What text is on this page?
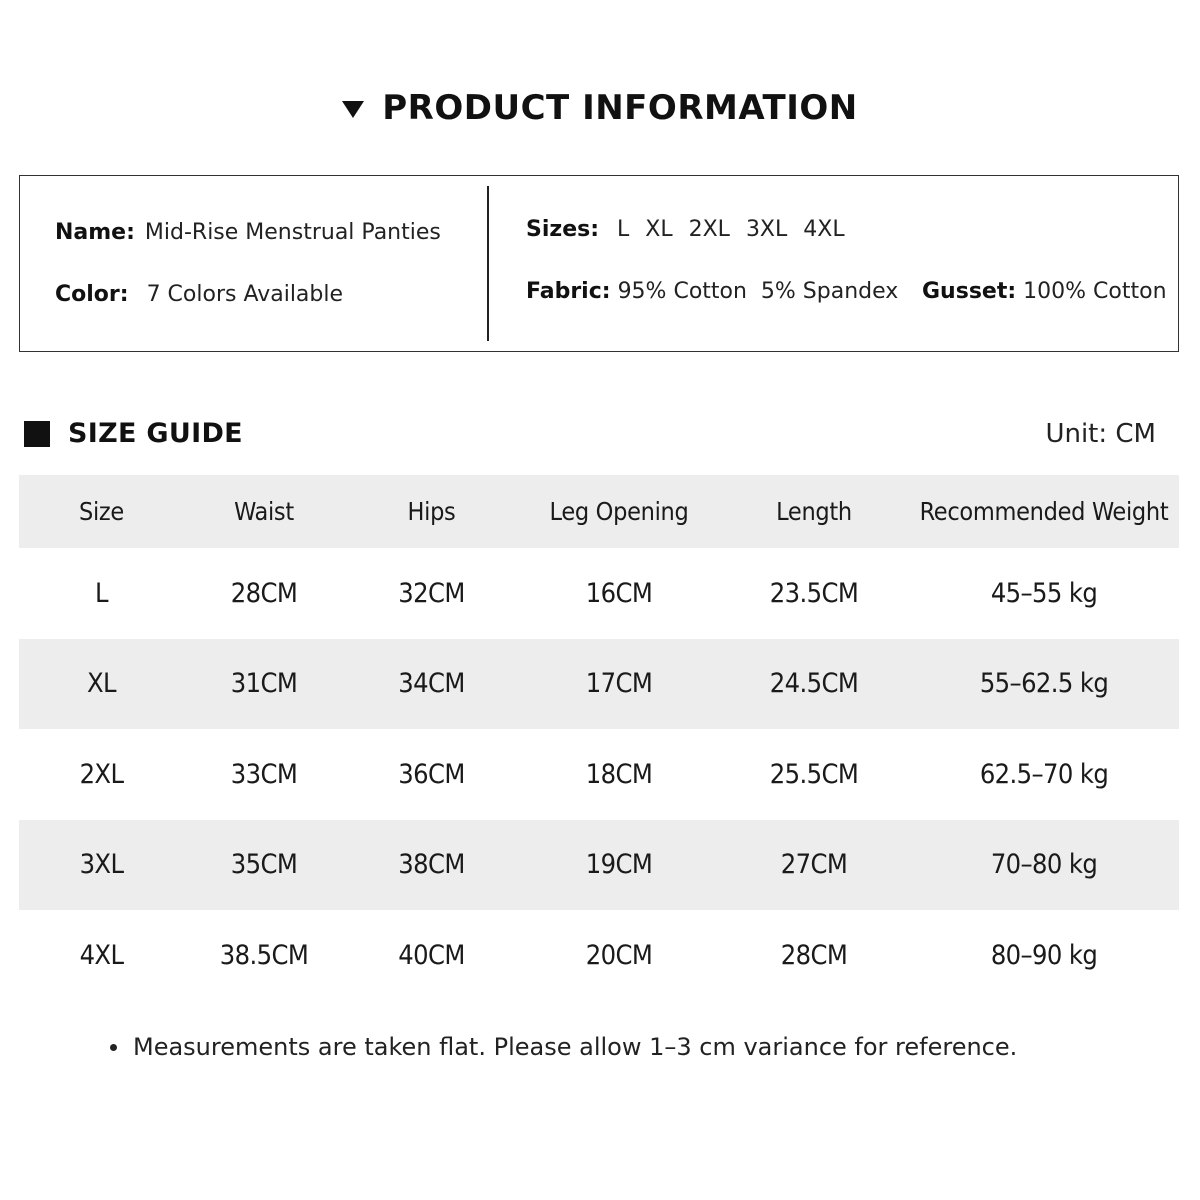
PRODUCT INFORMATION
Name: Mid-Rise Menstrual Panties
Color: 7 Colors Available
Sizes: L XL 2XL 3XL 4XL
Fabric: 95% Cotton  5% Spandex Gusset: 100% Cotton
SIZE GUIDE	Unit: CM
Size	Waist	Hips	Leg Opening	Length	Recommended Weight
L	28CM	32CM	16CM	23.5CM	45–55 kg
XL	31CM	34CM	17CM	24.5CM	55–62.5 kg
2XL	33CM	36CM	18CM	25.5CM	62.5–70 kg
3XL	35CM	38CM	19CM	27CM	70–80 kg
4XL	38.5CM	40CM	20CM	28CM	80–90 kg
Measurements are taken flat. Please allow 1–3 cm variance for reference.
